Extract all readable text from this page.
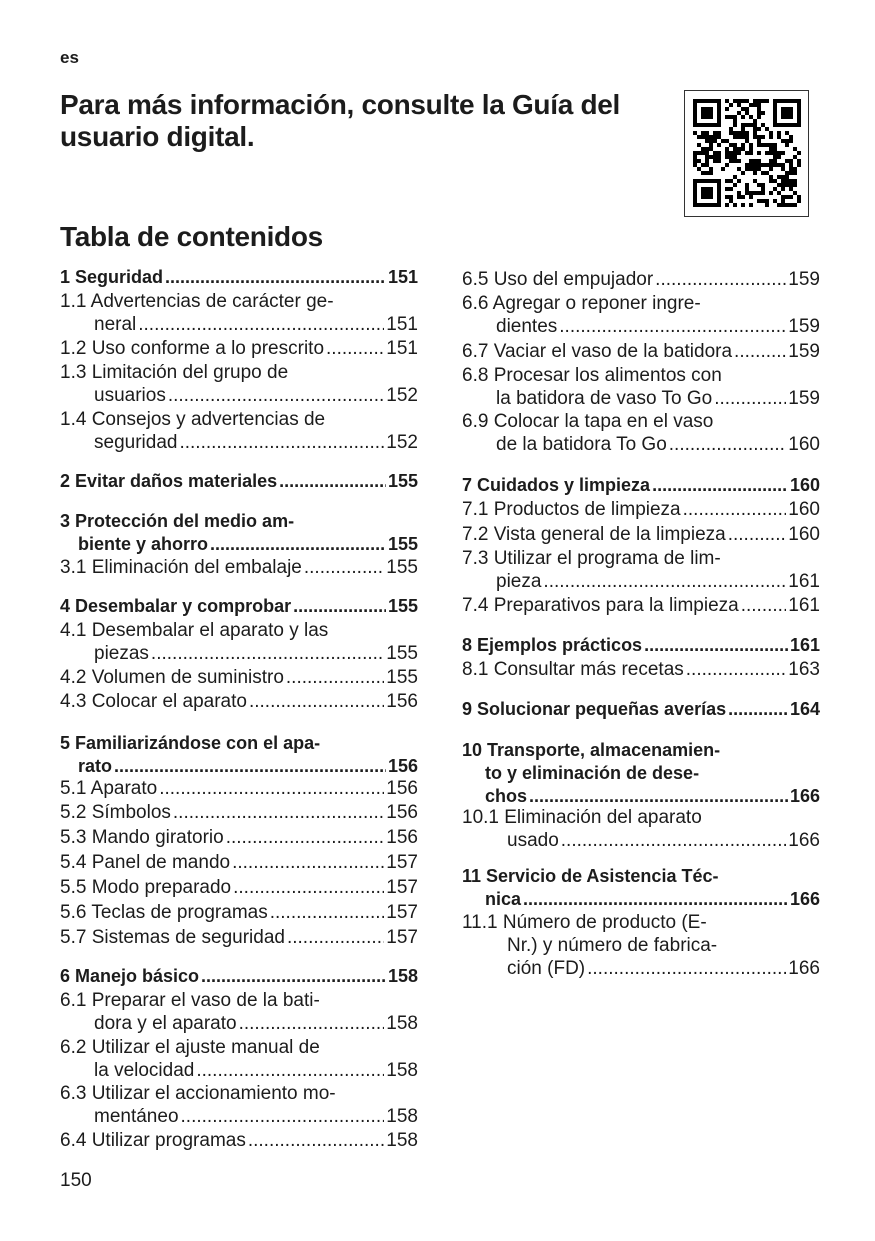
es
Para más información, consulte la Guía del usuario digital.
Tabla de contenidos
1 Seguridad .....	151
1.1 Advertencias de carácter ge-
neral .....	151
1.2 Uso conforme a lo prescrito .....	151
1.3 Limitación del grupo de
usuarios .....	152
1.4 Consejos y advertencias de
seguridad .....	152
2 Evitar daños materiales .....	155
3 Protección del medio am-
biente y ahorro .....	155
3.1 Eliminación del embalaje .....	155
4 Desembalar y comprobar .....	155
4.1 Desembalar el aparato y las
piezas .....	155
4.2 Volumen de suministro .....	155
4.3 Colocar el aparato .....	156
5 Familiarizándose con el apa-
rato .....	156
5.1 Aparato .....	156
5.2 Símbolos .....	156
5.3 Mando giratorio .....	156
5.4 Panel de mando .....	157
5.5 Modo preparado .....	157
5.6 Teclas de programas .....	157
5.7 Sistemas de seguridad .....	157
6 Manejo básico .....	158
6.1 Preparar el vaso de la bati-
dora y el aparato .....	158
6.2 Utilizar el ajuste manual de
la velocidad .....	158
6.3 Utilizar el accionamiento mo-
mentáneo .....	158
6.4 Utilizar programas .....	158
6.5 Uso del empujador .....	159
6.6 Agregar o reponer ingre-
dientes .....	159
6.7 Vaciar el vaso de la batidora .....	159
6.8 Procesar los alimentos con
la batidora de vaso To Go .....	159
6.9 Colocar la tapa en el vaso
de la batidora To Go .....	160
7 Cuidados y limpieza .....	160
7.1 Productos de limpieza .....	160
7.2 Vista general de la limpieza .....	160
7.3 Utilizar el programa de lim-
pieza .....	161
7.4 Preparativos para la limpieza .....	161
8 Ejemplos prácticos .....	161
8.1 Consultar más recetas .....	163
9 Solucionar pequeñas averías .....	164
10 Transporte, almacenamien-
to y eliminación de dese-
chos .....	166
10.1 Eliminación del aparato
usado .....	166
11 Servicio de Asistencia Téc-
nica .....	166
11.1 Número de producto (E-
Nr.) y número de fabrica-
ción (FD) .....	166
150
